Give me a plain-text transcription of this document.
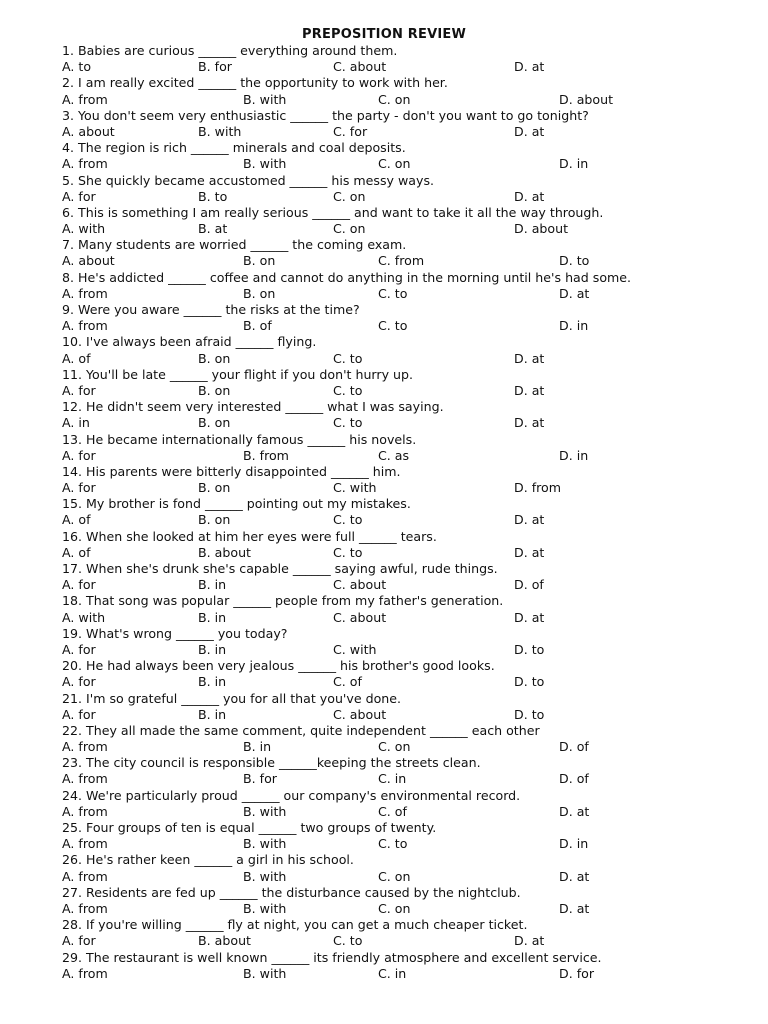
PREPOSITION REVIEW
1. Babies are curious ______ everything around them.
A. to	B. for	C. about	D. at
2. I am really excited ______ the opportunity to work with her.
A. from	B. with	C. on	D. about
3. You don't seem very enthusiastic ______ the party - don't you want to go tonight?
A. about	B. with	C. for	D. at
4. The region is rich ______ minerals and coal deposits.
A. from	B. with	C. on	D. in
5. She quickly became accustomed ______ his messy ways.
A. for	B. to	C. on	D. at
6. This is something I am really serious ______ and want to take it all the way through.
A. with	B. at	C. on	D. about
7. Many students are worried ______ the coming exam.
A. about	B. on	C. from	D. to
8. He's addicted ______ coffee and cannot do anything in the morning until he's had some.
A. from	B. on	C. to	D. at
9. Were you aware ______ the risks at the time?
A. from	B. of	C. to	D. in
10. I've always been afraid ______ flying.
A. of	B. on	C. to	D. at
11. You'll be late ______ your flight if you don't hurry up.
A. for	B. on	C. to	D. at
12. He didn't seem very interested ______ what I was saying.
A. in	B. on	C. to	D. at
13. He became internationally famous ______ his novels.
A. for	B. from	C. as	D. in
14. His parents were bitterly disappointed ______ him.
A. for	B. on	C. with	D. from
15. My brother is fond ______ pointing out my mistakes.
A. of	B. on	C. to	D. at
16. When she looked at him her eyes were full ______ tears.
A. of	B. about	C. to	D. at
17. When she's drunk she's capable ______ saying awful, rude things.
A. for	B. in	C. about	D. of
18. That song was popular ______ people from my father's generation.
A. with	B. in	C. about	D. at
19. What's wrong ______ you today?
A. for	B. in	C. with	D. to
20. He had always been very jealous ______ his brother's good looks.
A. for	B. in	C. of	D. to
21. I'm so grateful ______ you for all that you've done.
A. for	B. in	C. about	D. to
22. They all made the same comment, quite independent ______ each other
A. from	B. in	C. on	D. of
23. The city council is responsible ______keeping the streets clean.
A. from	B. for	C. in	D. of
24. We're particularly proud ______ our company's environmental record.
A. from	B. with	C. of	D. at
25. Four groups of ten is equal ______ two groups of twenty.
A. from	B. with	C. to	D. in
26. He's rather keen ______ a girl in his school.
A. from	B. with	C. on	D. at
27. Residents are fed up ______ the disturbance caused by the nightclub.
A. from	B. with	C. on	D. at
28. If you're willing ______ fly at night, you can get a much cheaper ticket.
A. for	B. about	C. to	D. at
29. The restaurant is well known ______ its friendly atmosphere and excellent service.
A. from	B. with	C. in	D. for
